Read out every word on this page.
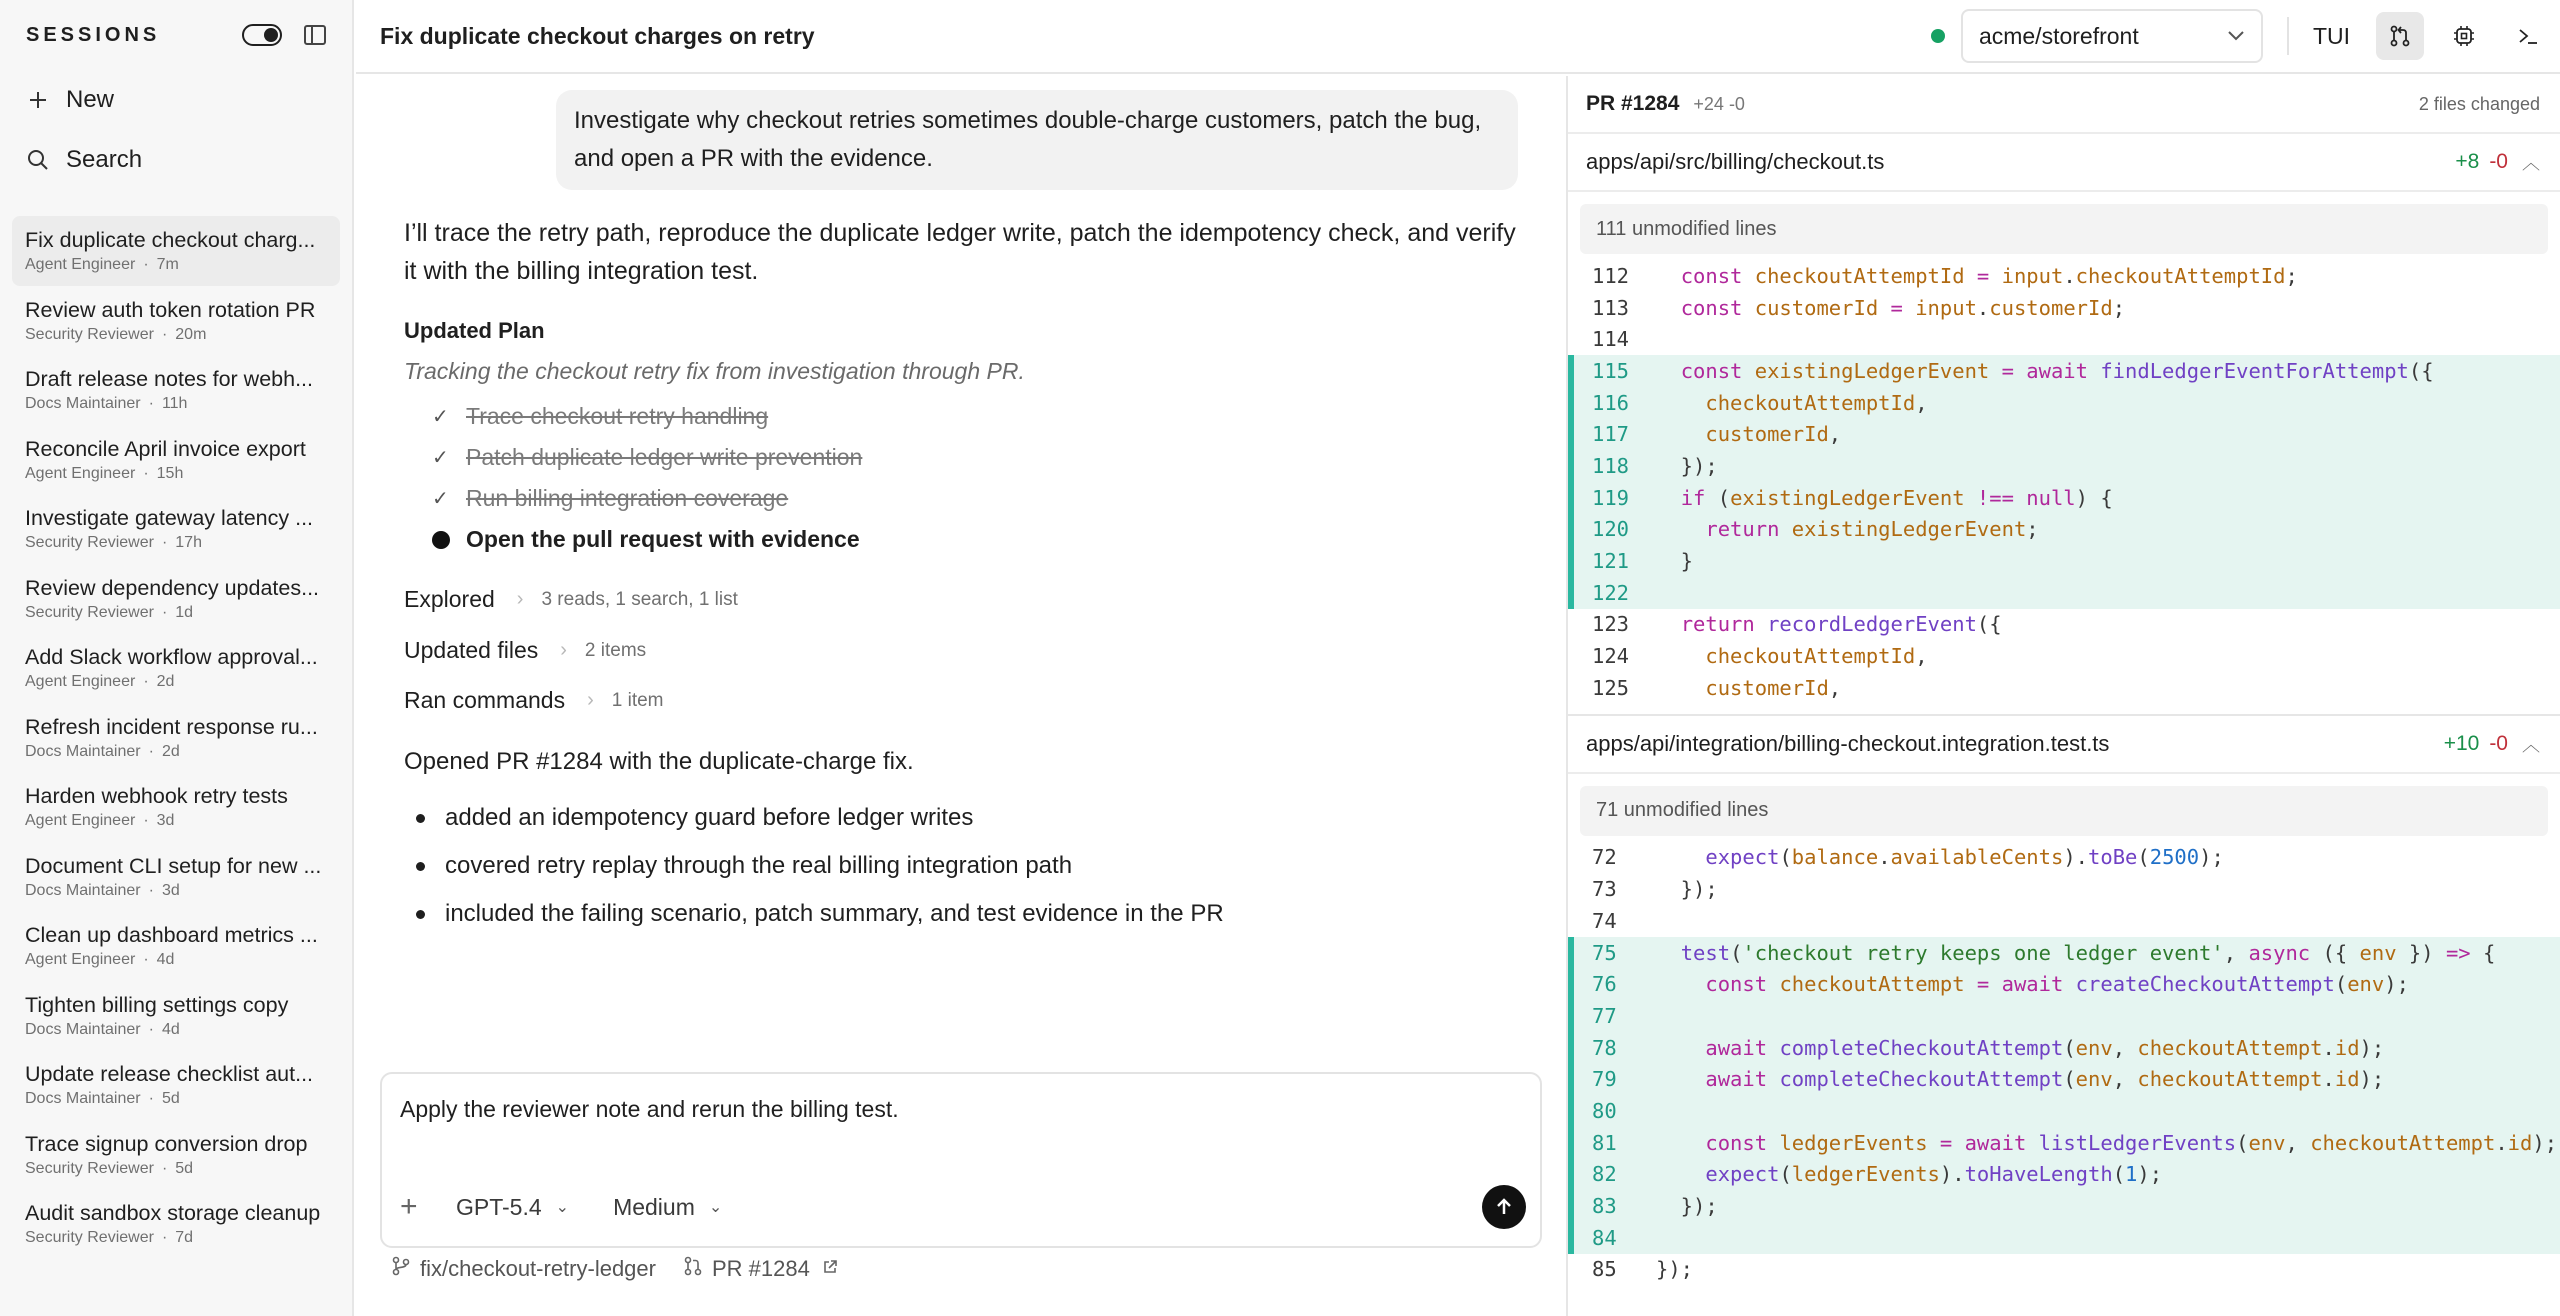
SESSIONS
New
Search
Fix duplicate checkout charg...
Agent Engineer · 7m
Review auth token rotation PR
Security Reviewer · 20m
Draft release notes for webh...
Docs Maintainer · 11h
Reconcile April invoice export
Agent Engineer · 15h
Investigate gateway latency ...
Security Reviewer · 17h
Review dependency updates...
Security Reviewer · 1d
Add Slack workflow approval...
Agent Engineer · 2d
Refresh incident response ru...
Docs Maintainer · 2d
Harden webhook retry tests
Agent Engineer · 3d
Document CLI setup for new ...
Docs Maintainer · 3d
Clean up dashboard metrics ...
Agent Engineer · 4d
Tighten billing settings copy
Docs Maintainer · 4d
Update release checklist aut...
Docs Maintainer · 5d
Trace signup conversion drop
Security Reviewer · 5d
Audit sandbox storage cleanup
Security Reviewer · 7d
Fix duplicate checkout charges on retry	acme/storefront	TUI
Investigate why checkout retries sometimes double-charge customers, patch the bug, and open a PR with the evidence.
I’ll trace the retry path, reproduce the duplicate ledger write, patch the idempotency check, and verify it with the billing integration test.
Updated Plan
Tracking the checkout retry fix from investigation through PR.
✓ Trace checkout retry handling
✓ Patch duplicate ledger write prevention
✓ Run billing integration coverage
Open the pull request with evidence
Explored › 3 reads, 1 search, 1 list
Updated files › 2 items
Ran commands › 1 item
Opened PR #1284 with the duplicate-charge fix.
added an idempotency guard before ledger writes
covered retry replay through the real billing integration path
included the failing scenario, patch summary, and test evidence in the PR
Apply the reviewer note and rerun the billing test.
+	GPT-5.4 ⌄ Medium ⌄
fix/checkout-retry-ledger	PR #1284
PR #1284 +24 -0	2 files changed
apps/api/src/billing/checkout.ts	+8 -0 ︿
111 unmodified lines
112	const checkoutAttemptId = input.checkoutAttemptId;
113	const customerId = input.customerId;
114
115	const existingLedgerEvent = await findLedgerEventForAttempt({
116	checkoutAttemptId,
117	customerId,
118	});
119	if (existingLedgerEvent !== null) {
120	return existingLedgerEvent;
121	}
122
123	return recordLedgerEvent({
124	checkoutAttemptId,
125	customerId,
apps/api/integration/billing-checkout.integration.test.ts	+10 -0 ︿
71 unmodified lines
72	expect(balance.availableCents).toBe(2500);
73	});
74
75	test('checkout retry keeps one ledger event', async ({ env }) => {
76	const checkoutAttempt = await createCheckoutAttempt(env);
77
78	await completeCheckoutAttempt(env, checkoutAttempt.id);
79	await completeCheckoutAttempt(env, checkoutAttempt.id);
80
81	const ledgerEvents = await listLedgerEvents(env, checkoutAttempt.id);
82	expect(ledgerEvents).toHaveLength(1);
83	});
84
85	});
